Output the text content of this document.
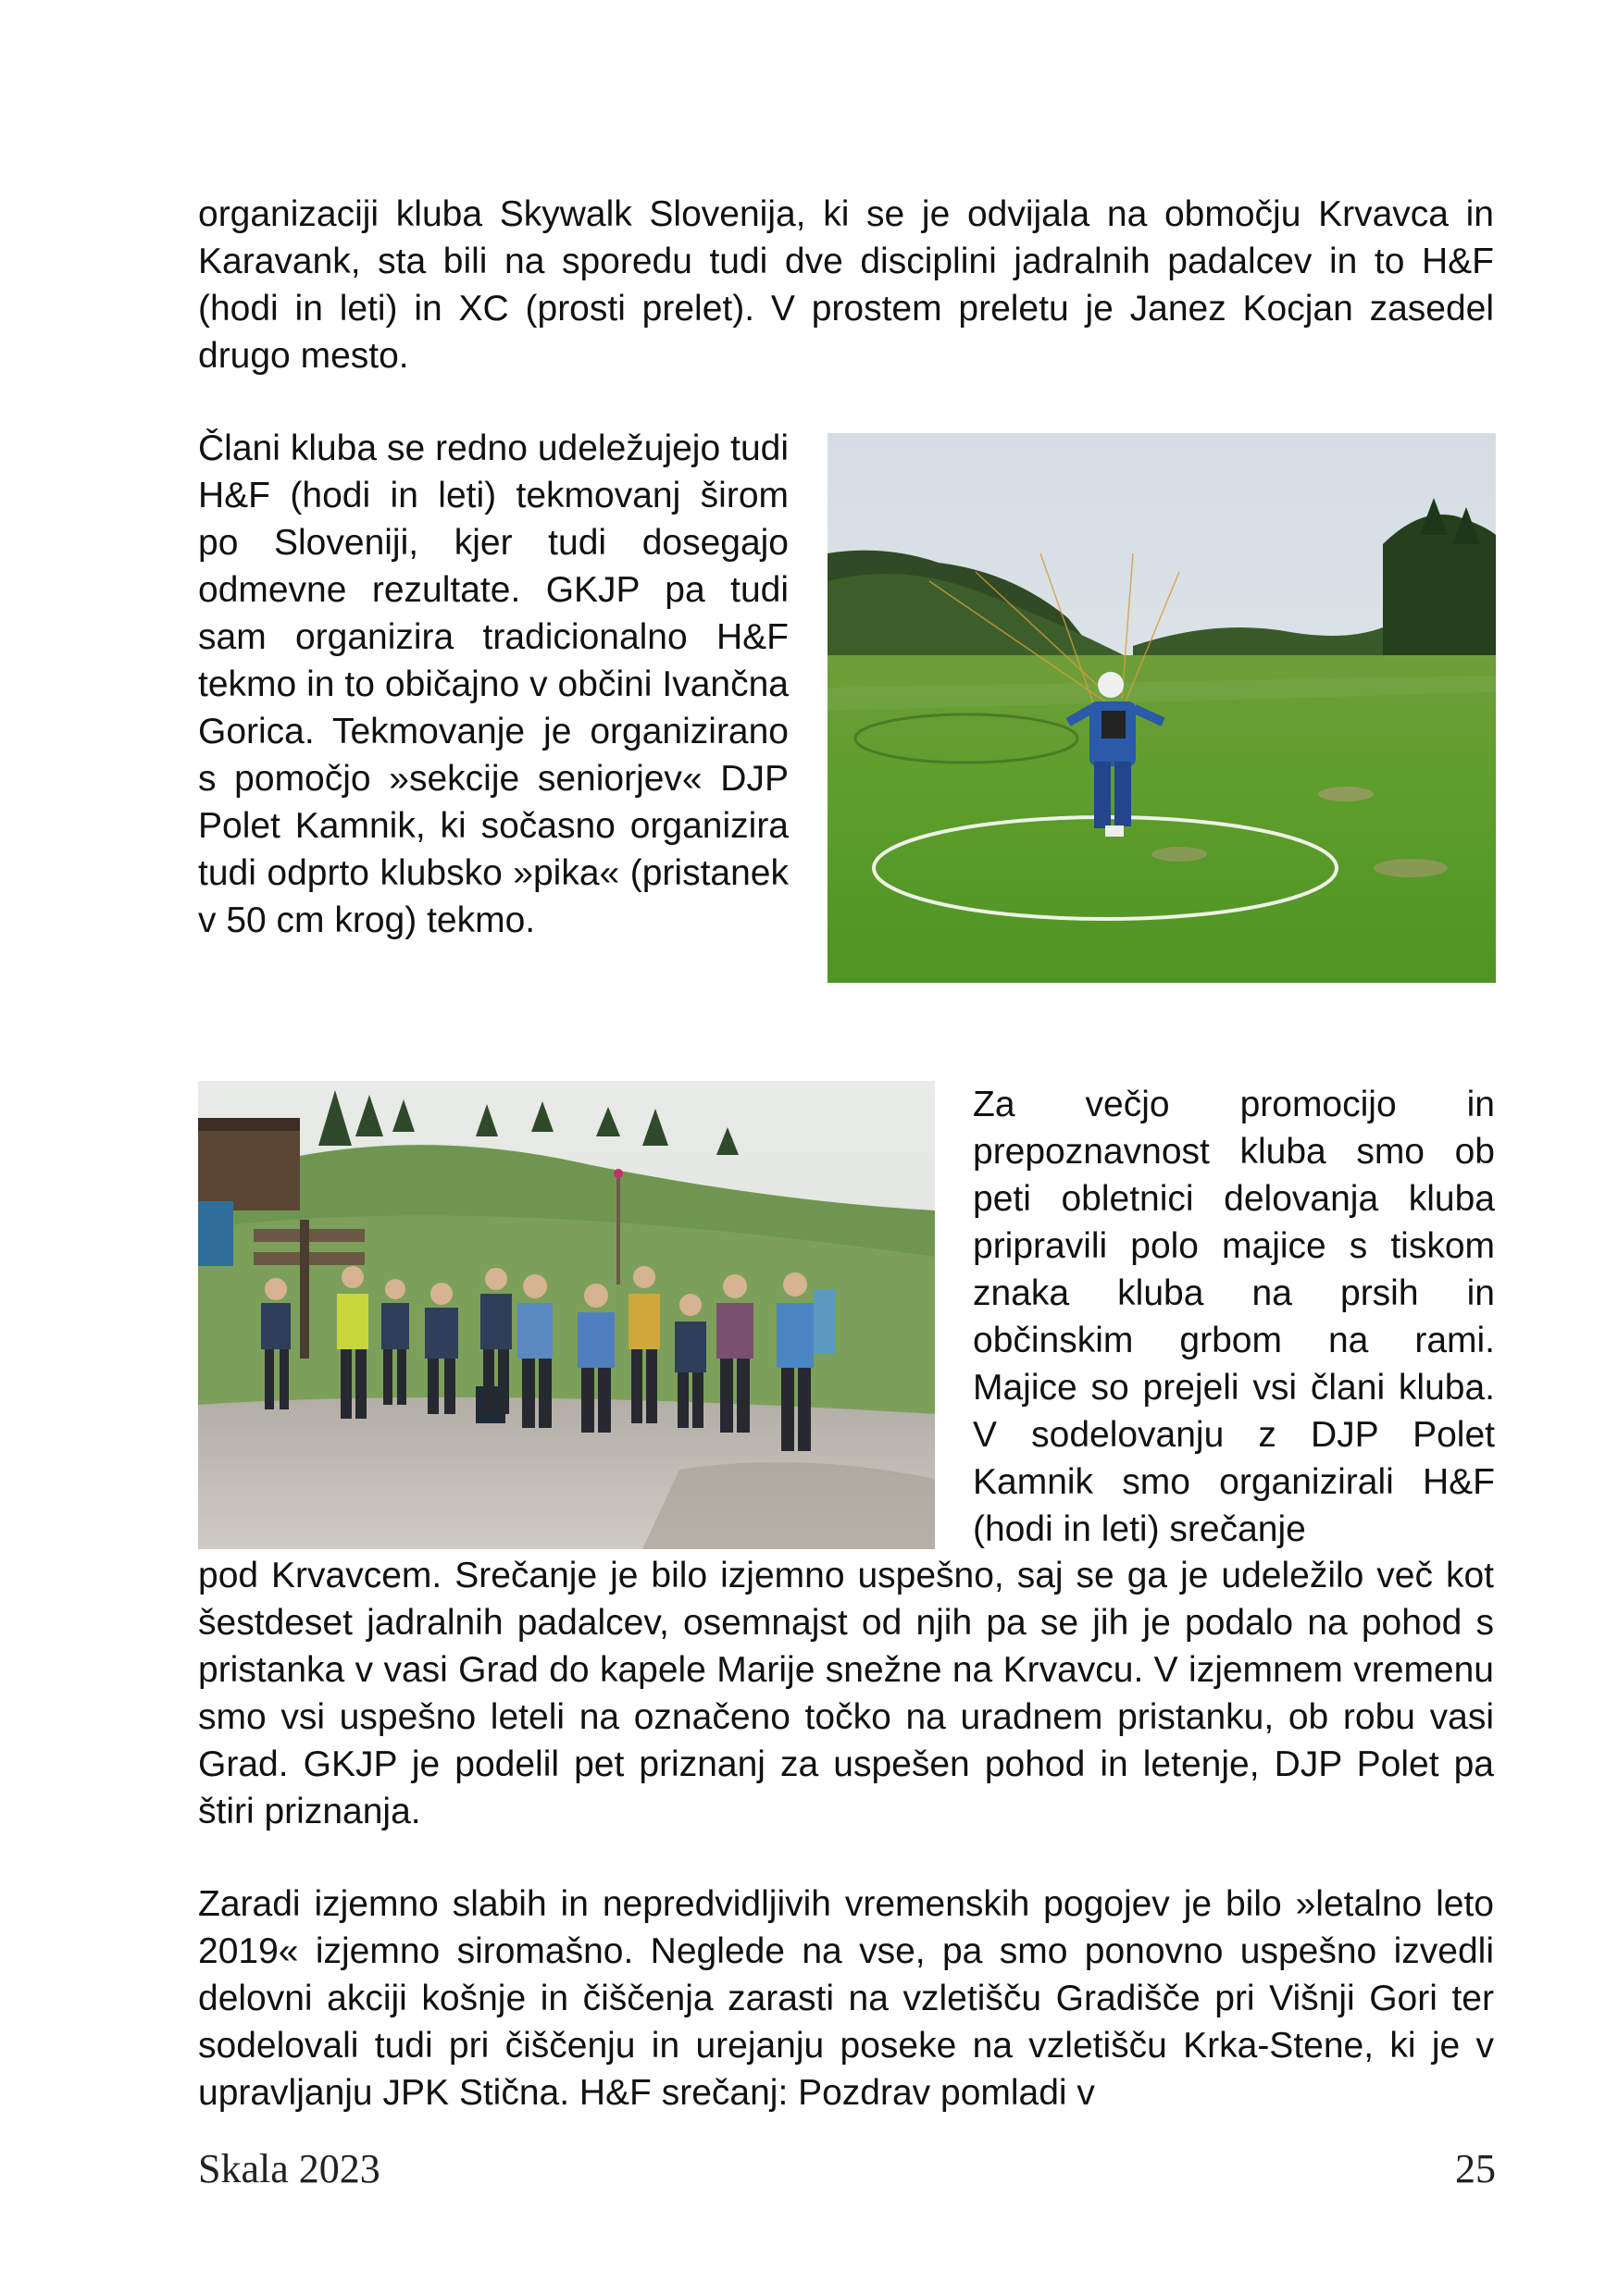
organizaciji kluba Skywalk Slovenija, ki se je odvijala na območju Krvavca in Karavank, sta bili na sporedu tudi dve disciplini jadralnih padalcev in to H&F (hodi in leti) in XC (prosti prelet). V prostem preletu je Janez Kocjan zasedel drugo mesto.

Člani kluba se redno udeležujejo tudi H&F (hodi in leti) tekmovanj širom po Sloveniji, kjer tudi dosegajo odmevne rezultate. GKJP pa tudi sam organizira tradicionalno H&F tekmo in to običajno v občini Ivančna Gorica. Tekmovanje je organizirano s pomočjo »sekcije seniorjev« DJP Polet Kamnik, ki sočasno organizira tudi odprto klubsko »pika« (pristanek v 50 cm krog) tekmo.

Za večjo promocijo in prepoznavnost kluba smo ob peti obletnici delovanja kluba pripravili polo majice s tiskom znaka kluba na prsih in občinskim grbom na rami. Majice so prejeli vsi člani kluba. V sodelovanju z DJP Polet Kamnik smo organizirali H&F (hodi in leti) srečanje

pod Krvavcem. Srečanje je bilo izjemno uspešno, saj se ga je udeležilo več kot šestdeset jadralnih padalcev, osemnajst od njih pa se jih je podalo na pohod s pristanka v vasi Grad do kapele Marije snežne na Krvavcu. V izjemnem vremenu smo vsi uspešno leteli na označeno točko na uradnem pristanku, ob robu vasi Grad. GKJP je podelil pet priznanj za uspešen pohod in letenje, DJP Polet pa štiri priznanja.

Zaradi izjemno slabih in nepredvidljivih vremenskih pogojev je bilo »letalno leto 2019« izjemno siromašno. Neglede na vse, pa smo ponovno uspešno izvedli delovni akciji košnje in čiščenja zarasti na vzletišču Gradišče pri Višnji Gori ter sodelovali tudi pri čiščenju in urejanju poseke na vzletišču Krka-Stene, ki je v upravljanju JPK Stična. H&F srečanj: Pozdrav pomladi v

Skala 2023	25
